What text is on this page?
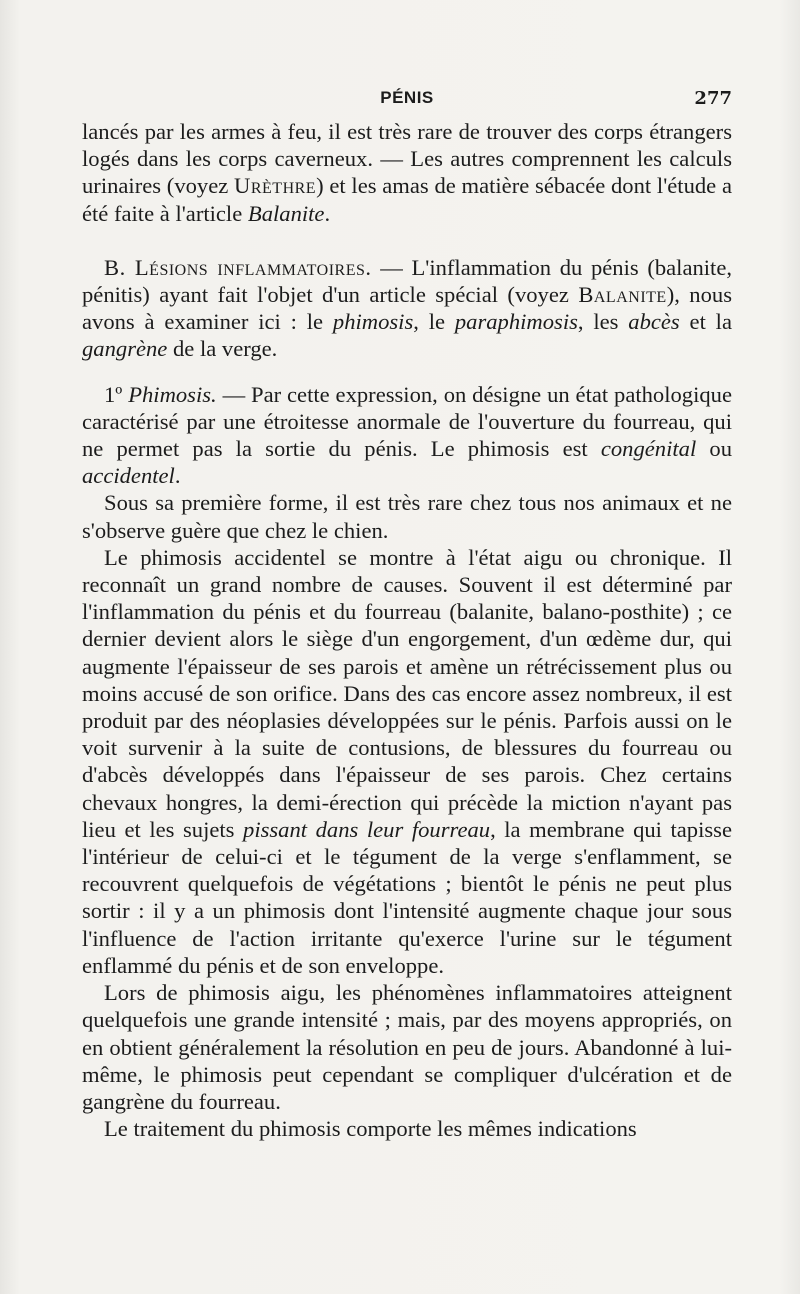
PÉNIS	277

lancés par les armes à feu, il est très rare de trouver des corps étrangers logés dans les corps caverneux. — Les autres comprennent les calculs urinaires (voyez Urèthre) et les amas de matière sébacée dont l'étude a été faite à l'article Balanite.

B. Lésions inflammatoires. — L'inflammation du pénis (balanite, pénitis) ayant fait l'objet d'un article spécial (voyez Balanite), nous avons à examiner ici : le phimosis, le paraphimosis, les abcès et la gangrène de la verge.

1º Phimosis. — Par cette expression, on désigne un état pathologique caractérisé par une étroitesse anormale de l'ouverture du fourreau, qui ne permet pas la sortie du pénis. Le phimosis est congénital ou accidentel.

Sous sa première forme, il est très rare chez tous nos animaux et ne s'observe guère que chez le chien.

Le phimosis accidentel se montre à l'état aigu ou chronique. Il reconnaît un grand nombre de causes. Souvent il est déterminé par l'inflammation du pénis et du fourreau (balanite, balano-posthite) ; ce dernier devient alors le siège d'un engorgement, d'un œdème dur, qui augmente l'épaisseur de ses parois et amène un rétrécissement plus ou moins accusé de son orifice. Dans des cas encore assez nombreux, il est produit par des néoplasies développées sur le pénis. Parfois aussi on le voit survenir à la suite de contusions, de blessures du fourreau ou d'abcès développés dans l'épaisseur de ses parois. Chez certains chevaux hongres, la demi-érection qui précède la miction n'ayant pas lieu et les sujets pissant dans leur fourreau, la membrane qui tapisse l'intérieur de celui-ci et le tégument de la verge s'enflamment, se recouvrent quelquefois de végétations ; bientôt le pénis ne peut plus sortir : il y a un phimosis dont l'intensité augmente chaque jour sous l'influence de l'action irritante qu'exerce l'urine sur le tégument enflammé du pénis et de son enveloppe.

Lors de phimosis aigu, les phénomènes inflammatoires atteignent quelquefois une grande intensité ; mais, par des moyens appropriés, on en obtient généralement la résolution en peu de jours. Abandonné à lui-même, le phimosis peut cependant se compliquer d'ulcération et de gangrène du fourreau.

Le traitement du phimosis comporte les mêmes indications
